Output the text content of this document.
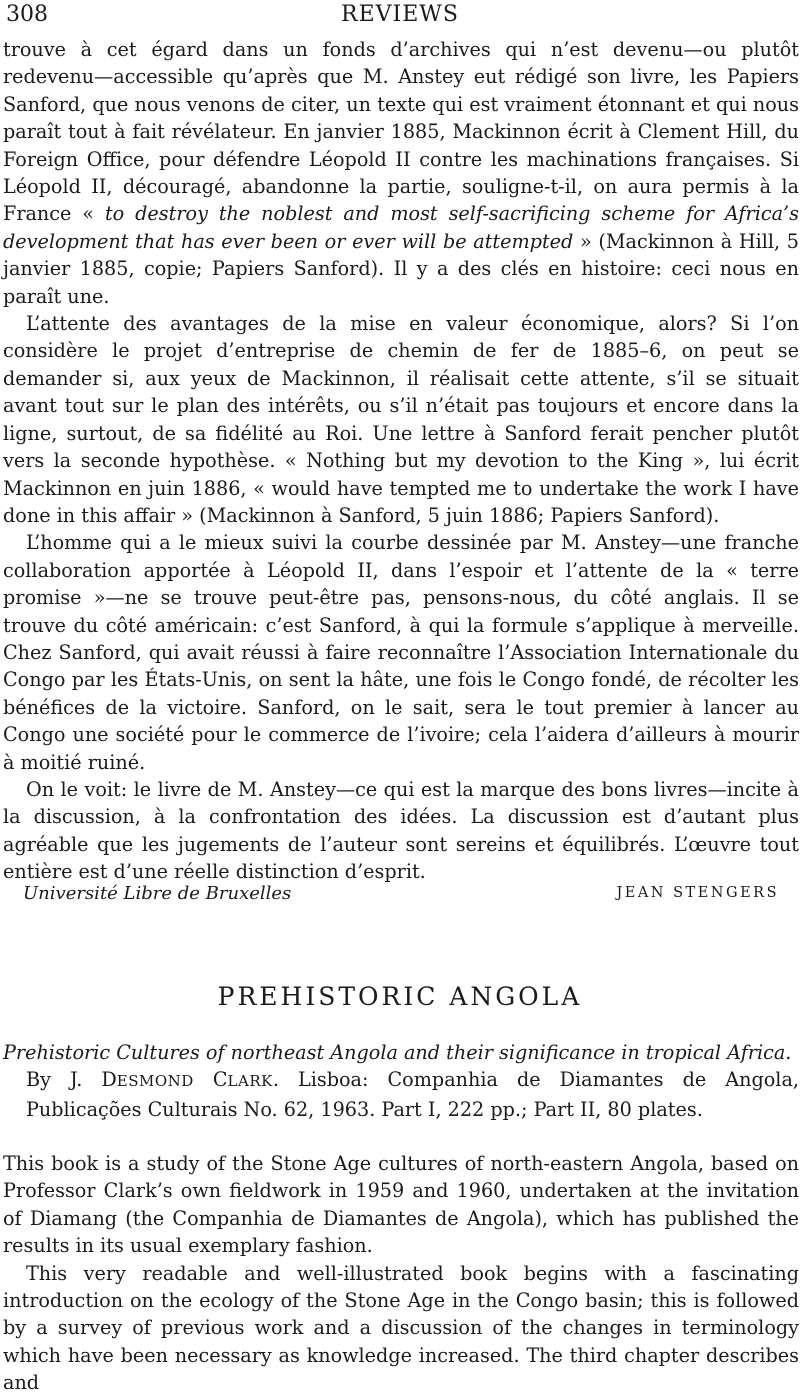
308	REVIEWS

trouve à cet égard dans un fonds d’archives qui n’est devenu—ou plutôt redevenu—accessible qu’après que M. Anstey eut rédigé son livre, les Papiers Sanford, que nous venons de citer, un texte qui est vraiment étonnant et qui nous paraît tout à fait révélateur. En janvier 1885, Mackinnon écrit à Clement Hill, du Foreign Office, pour défendre Léopold II contre les machinations françaises. Si Léopold II, découragé, abandonne la partie, souligne-t-il, on aura permis à la France « to destroy the noblest and most self-sacrificing scheme for Africa’s development that has ever been or ever will be attempted » (Mackinnon à Hill, 5 janvier 1885, copie; Papiers Sanford). Il y a des clés en histoire: ceci nous en paraît une.

L’attente des avantages de la mise en valeur économique, alors? Si l’on considère le projet d’entreprise de chemin de fer de 1885–6, on peut se demander si, aux yeux de Mackinnon, il réalisait cette attente, s’il se situait avant tout sur le plan des intérêts, ou s’il n’était pas toujours et encore dans la ligne, surtout, de sa fidélité au Roi. Une lettre à Sanford ferait pencher plutôt vers la seconde hypothèse. « Nothing but my devotion to the King », lui écrit Mackinnon en juin 1886, « would have tempted me to undertake the work I have done in this affair » (Mackinnon à Sanford, 5 juin 1886; Papiers Sanford).

L’homme qui a le mieux suivi la courbe dessinée par M. Anstey—une franche collaboration apportée à Léopold II, dans l’espoir et l’attente de la « terre promise »—ne se trouve peut-être pas, pensons-nous, du côté anglais. Il se trouve du côté américain: c’est Sanford, à qui la formule s’applique à merveille. Chez Sanford, qui avait réussi à faire reconnaître l’Association Internationale du Congo par les États-Unis, on sent la hâte, une fois le Congo fondé, de récolter les bénéfices de la victoire. Sanford, on le sait, sera le tout premier à lancer au Congo une société pour le commerce de l’ivoire; cela l’aidera d’ailleurs à mourir à moitié ruiné.

On le voit: le livre de M. Anstey—ce qui est la marque des bons livres—incite à la discussion, à la confrontation des idées. La discussion est d’autant plus agréable que les jugements de l’auteur sont sereins et équilibrés. L’œuvre tout entière est d’une réelle distinction d’esprit.

Université Libre de Bruxelles	JEAN STENGERS
PREHISTORIC ANGOLA

Prehistoric Cultures of northeast Angola and their significance in tropical Africa.

By J. DESMOND CLARK. Lisboa: Companhia de Diamantes de Angola, Publicações Culturais No. 62, 1963. Part I, 222 pp.; Part II, 80 plates.

This book is a study of the Stone Age cultures of north-eastern Angola, based on Professor Clark’s own fieldwork in 1959 and 1960, undertaken at the invitation of Diamang (the Companhia de Diamantes de Angola), which has published the results in its usual exemplary fashion.

This very readable and well-illustrated book begins with a fascinating introduction on the ecology of the Stone Age in the Congo basin; this is followed by a survey of previous work and a discussion of the changes in terminology which have been necessary as knowledge increased. The third chapter describes and
